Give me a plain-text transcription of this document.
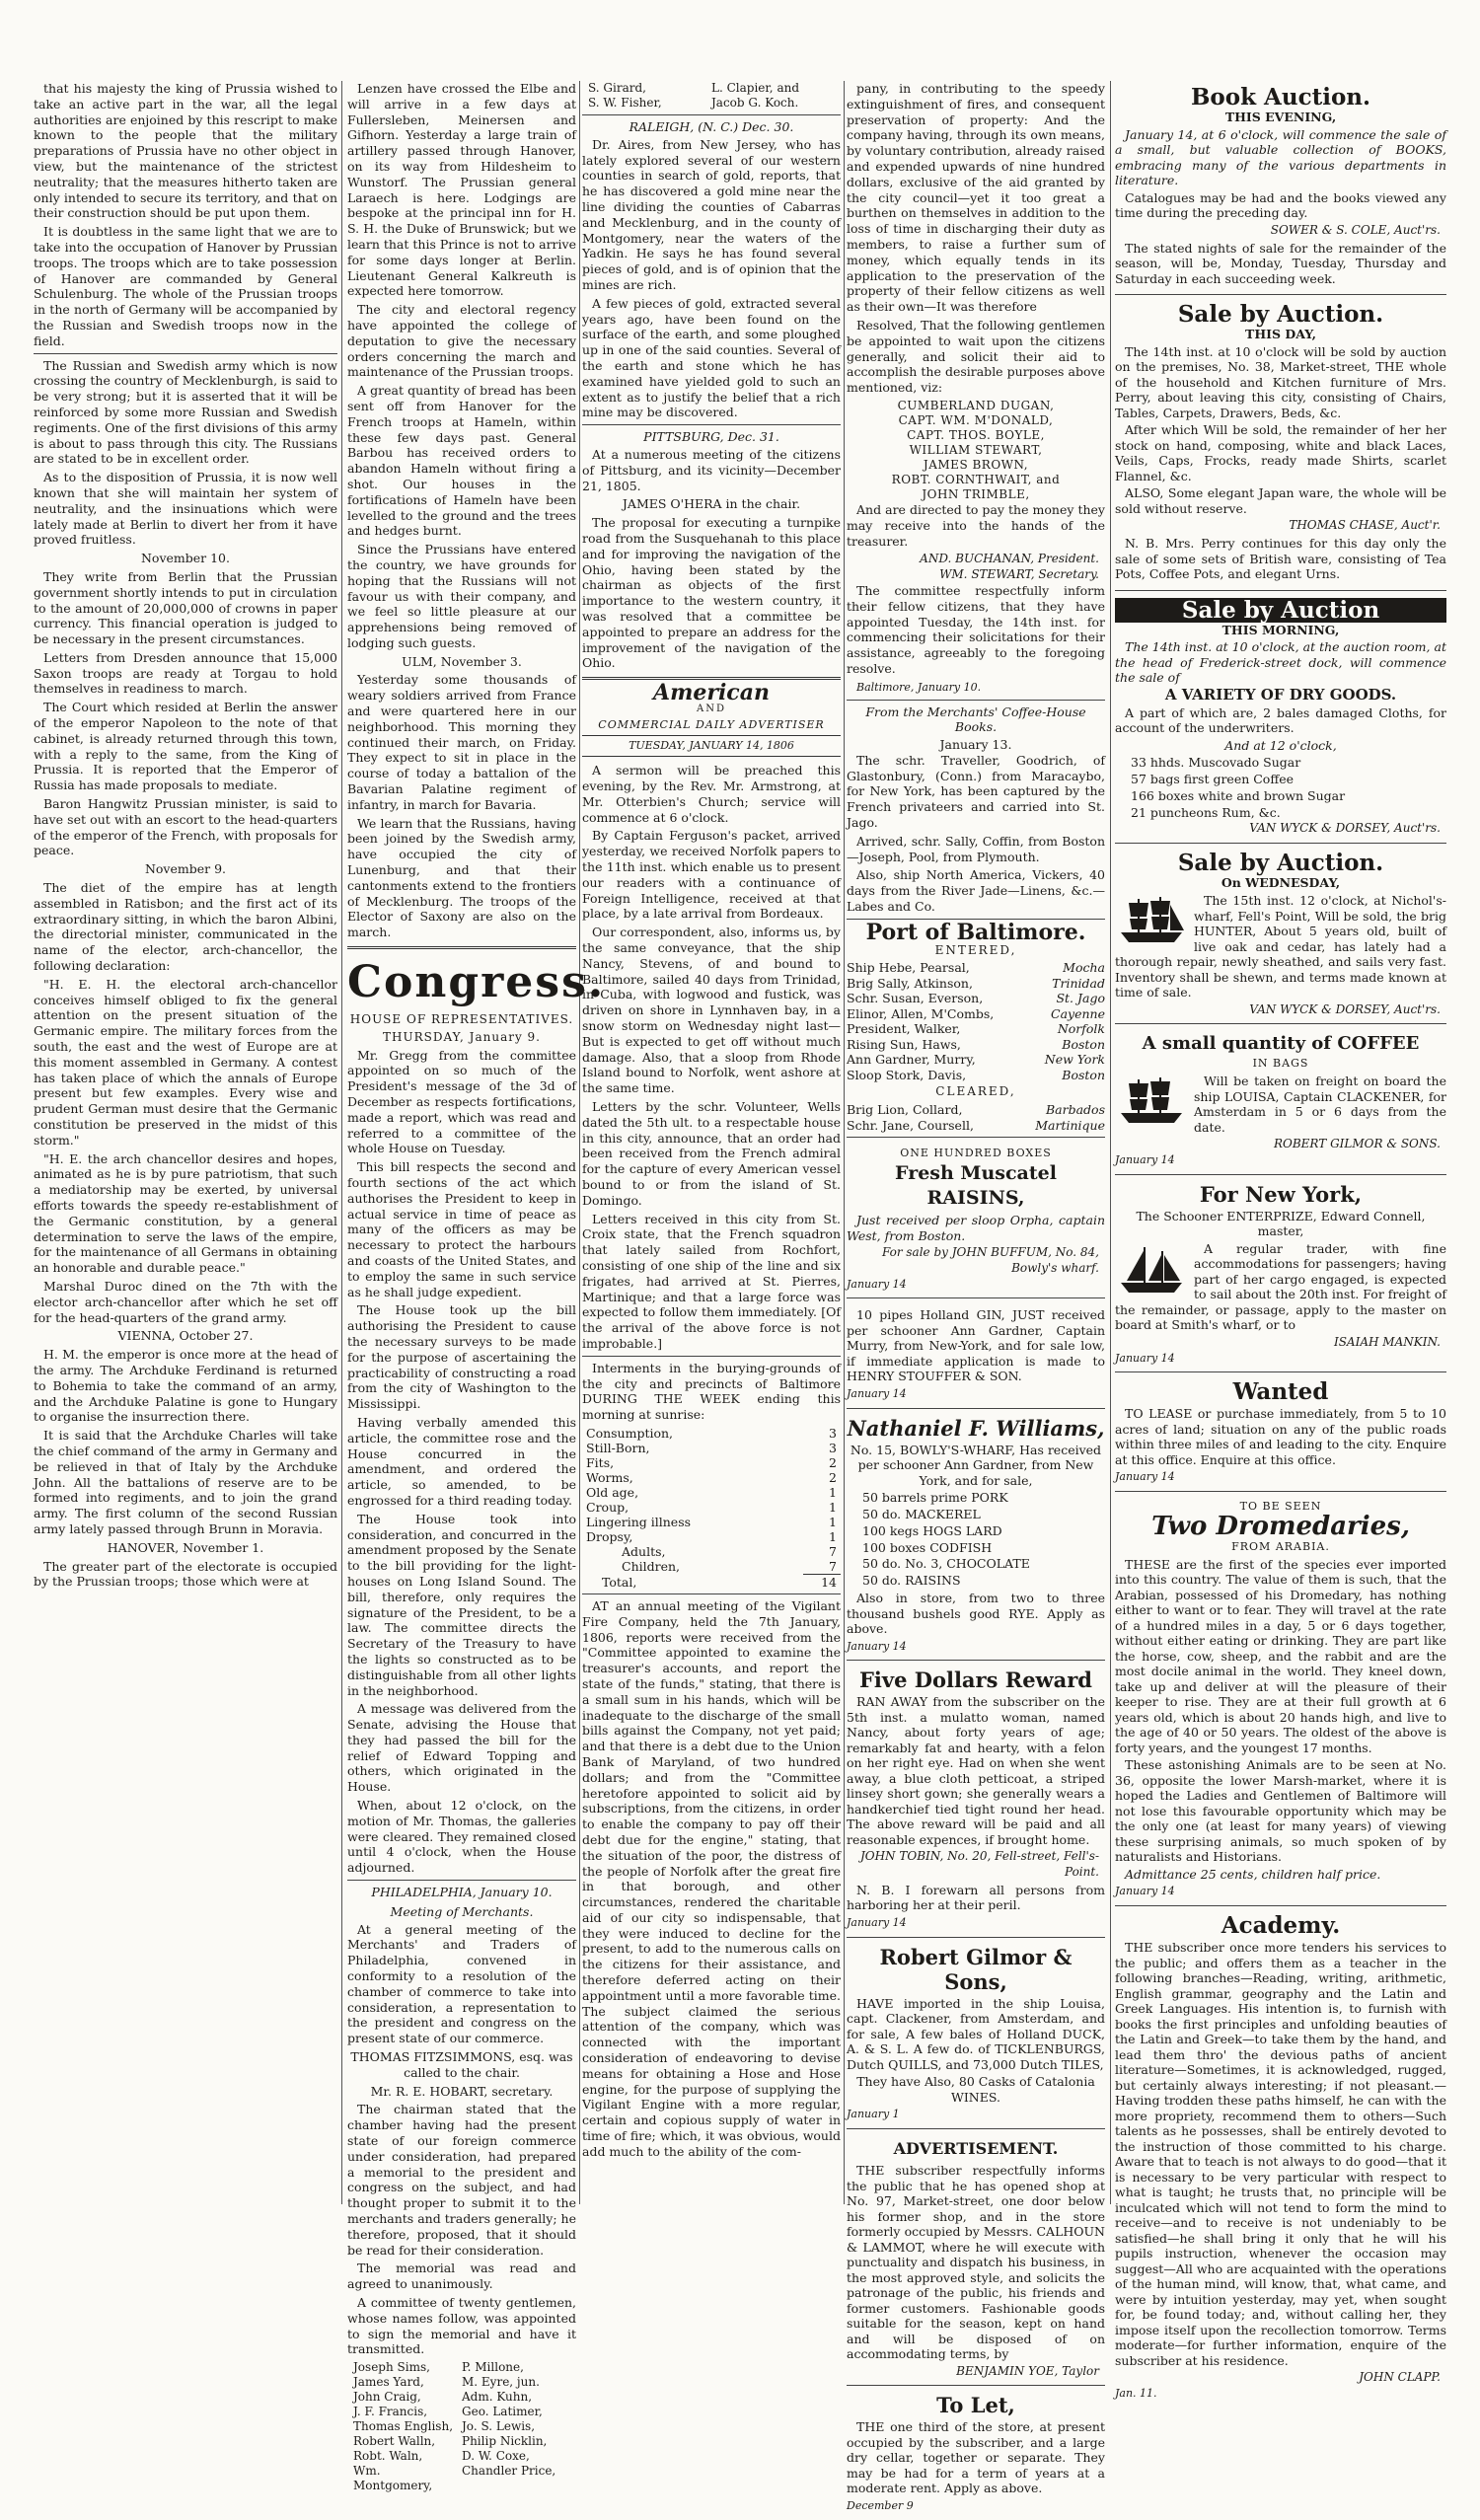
that his majesty the king of Prussia wished to take an active part in the war, all the legal authorities are enjoined by this rescript to make known to the people that the military preparations of Prussia have no other object in view, but the maintenance of the strictest neutrality; that the measures hitherto taken are only intended to secure its territory, and that on their construction should be put upon them.

It is doubtless in the same light that we are to take into the occupation of Hanover by Prussian troops. The troops which are to take possession of Hanover are commanded by General Schulenburg. The whole of the Prussian troops in the north of Germany will be accompanied by the Russian and Swedish troops now in the field.

The Russian and Swedish army which is now crossing the country of Mecklenburgh, is said to be very strong; but it is asserted that it will be reinforced by some more Russian and Swedish regiments. One of the first divisions of this army is about to pass through this city. The Russians are stated to be in excellent order.

As to the disposition of Prussia, it is now well known that she will maintain her system of neutrality, and the insinuations which were lately made at Berlin to divert her from it have proved fruitless.

November 10.

They write from Berlin that the Prussian government shortly intends to put in circulation to the amount of 20,000,000 of crowns in paper currency. This financial operation is judged to be necessary in the present circumstances.

Letters from Dresden announce that 15,000 Saxon troops are ready at Torgau to hold themselves in readiness to march.

The Court which resided at Berlin the answer of the emperor Napoleon to the note of that cabinet, is already returned through this town, with a reply to the same, from the King of Prussia. It is reported that the Emperor of Russia has made proposals to mediate.

Baron Hangwitz Prussian minister, is said to have set out with an escort to the head-quarters of the emperor of the French, with proposals for peace.

November 9.

The diet of the empire has at length assembled in Ratisbon; and the first act of its extraordinary sitting, in which the baron Albini, the directorial minister, communicated in the name of the elector, arch-chancellor, the following declaration:

"H. E. H. the electoral arch-chancellor conceives himself obliged to fix the general attention on the present situation of the Germanic empire. The military forces from the south, the east and the west of Europe are at this moment assembled in Germany. A contest has taken place of which the annals of Europe present but few examples. Every wise and prudent German must desire that the Germanic constitution be preserved in the midst of this storm."

"H. E. the arch chancellor desires and hopes, animated as he is by pure patriotism, that such a mediatorship may be exerted, by universal efforts towards the speedy re-establishment of the Germanic constitution, by a general determination to serve the laws of the empire, for the maintenance of all Germans in obtaining an honorable and durable peace."

Marshal Duroc dined on the 7th with the elector arch-chancellor after which he set off for the head-quarters of the grand army.

VIENNA, October 27.

H. M. the emperor is once more at the head of the army. The Archduke Ferdinand is returned to Bohemia to take the command of an army, and the Archduke Palatine is gone to Hungary to organise the insurrection there.

It is said that the Archduke Charles will take the chief command of the army in Germany and be relieved in that of Italy by the Archduke John. All the battalions of reserve are to be formed into regiments, and to join the grand army. The first column of the second Russian army lately passed through Brunn in Moravia.

HANOVER, November 1.

The greater part of the electorate is occupied by the Prussian troops; those which were at

Lenzen have crossed the Elbe and will arrive in a few days at Fullersleben, Meinersen and Gifhorn. Yesterday a large train of artillery passed through Hanover, on its way from Hildesheim to Wunstorf. The Prussian general Laraech is here. Lodgings are bespoke at the principal inn for H. S. H. the Duke of Brunswick; but we learn that this Prince is not to arrive for some days longer at Berlin. Lieutenant General Kalkreuth is expected here tomorrow.

The city and electoral regency have appointed the college of deputation to give the necessary orders concerning the march and maintenance of the Prussian troops.

A great quantity of bread has been sent off from Hanover for the French troops at Hameln, within these few days past. General Barbou has received orders to abandon Hameln without firing a shot. Our houses in the fortifications of Hameln have been levelled to the ground and the trees and hedges burnt.

Since the Prussians have entered the country, we have grounds for hoping that the Russians will not favour us with their company, and we feel so little pleasure at our apprehensions being removed of lodging such guests.

ULM, November 3.

Yesterday some thousands of weary soldiers arrived from France and were quartered here in our neighborhood. This morning they continued their march, on Friday. They expect to sit in place in the course of today a battalion of the Bavarian Palatine regiment of infantry, in march for Bavaria.

We learn that the Russians, having been joined by the Swedish army, have occupied the city of Lunenburg, and that their cantonments extend to the frontiers of Mecklenburg. The troops of the Elector of Saxony are also on the march.

Congress.
HOUSE OF REPRESENTATIVES.
THURSDAY, January 9.

Mr. Gregg from the committee appointed on so much of the President's message of the 3d of December as respects fortifications, made a report, which was read and referred to a committee of the whole House on Tuesday.

This bill respects the second and fourth sections of the act which authorises the President to keep in actual service in time of peace as many of the officers as may be necessary to protect the harbours and coasts of the United States, and to employ the same in such service as he shall judge expedient.

The House took up the bill authorising the President to cause the necessary surveys to be made for the purpose of ascertaining the practicability of constructing a road from the city of Washington to the Mississippi.

Having verbally amended this article, the committee rose and the House concurred in the amendment, and ordered the article, so amended, to be engrossed for a third reading today.

The House took into consideration, and concurred in the amendment proposed by the Senate to the bill providing for the light-houses on Long Island Sound. The bill, therefore, only requires the signature of the President, to be a law. The committee directs the Secretary of the Treasury to have the lights so constructed as to be distinguishable from all other lights in the neighborhood.

A message was delivered from the Senate, advising the House that they had passed the bill for the relief of Edward Topping and others, which originated in the House.

When, about 12 o'clock, on the motion of Mr. Thomas, the galleries were cleared. They remained closed until 4 o'clock, when the House adjourned.

PHILADELPHIA, January 10.
Meeting of Merchants.

At a general meeting of the Merchants' and Traders of Philadelphia, convened in conformity to a resolution of the chamber of commerce to take into consideration, a representation to the president and congress on the present state of our commerce.

THOMAS FITZSIMMONS, esq. was called to the chair.

Mr. R. E. HOBART, secretary.

The chairman stated that the chamber having had the present state of our foreign commerce under consideration, had prepared a memorial to the president and congress on the subject, and had thought proper to submit it to the merchants and traders generally; he therefore, proposed, that it should be read for their consideration.

The memorial was read and agreed to unanimously.

A committee of twenty gentlemen, whose names follow, was appointed to sign the memorial and have it transmitted.

Joseph Sims,	P. Millone,
James Yard,	M. Eyre, jun.
John Craig,	Adm. Kuhn,
J. F. Francis,	Geo. Latimer,
Thomas English, Jo. S. Lewis,
Robert Walln,	Philip Nicklin,
Robt. Waln,	D. W. Coxe,
Wm. Montgomery,
Chandler Price,
S. Girard,	L. Clapier, and
S. W. Fisher,	Jacob G. Koch.
RALEIGH, (N. C.) Dec. 30.

Dr. Aires, from New Jersey, who has lately explored several of our western counties in search of gold, reports, that he has discovered a gold mine near the line dividing the counties of Cabarras and Mecklenburg, and in the county of Montgomery, near the waters of the Yadkin. He says he has found several pieces of gold, and is of opinion that the mines are rich.

A few pieces of gold, extracted several years ago, have been found on the surface of the earth, and some ploughed up in one of the said counties. Several of the earth and stone which he has examined have yielded gold to such an extent as to justify the belief that a rich mine may be discovered.

PITTSBURG, Dec. 31.

At a numerous meeting of the citizens of Pittsburg, and its vicinity—December 21, 1805.

JAMES O'HERA in the chair.

The proposal for executing a turnpike road from the Susquehanah to this place and for improving the navigation of the Ohio, having been stated by the chairman as objects of the first importance to the western country, it was resolved that a committee be appointed to prepare an address for the improvement of the navigation of the Ohio.

American
AND
COMMERCIAL DAILY ADVERTISER
TUESDAY, JANUARY 14, 1806

A sermon will be preached this evening, by the Rev. Mr. Armstrong, at Mr. Otterbien's Church; service will commence at 6 o'clock.

By Captain Ferguson's packet, arrived yesterday, we received Norfolk papers to the 11th inst. which enable us to present our readers with a continuance of Foreign Intelligence, received at that place, by a late arrival from Bordeaux.

Our correspondent, also, informs us, by the same conveyance, that the ship Nancy, Stevens, of and bound to Baltimore, sailed 40 days from Trinidad, in Cuba, with logwood and fustick, was driven on shore in Lynnhaven bay, in a snow storm on Wednesday night last—But is expected to get off without much damage. Also, that a sloop from Rhode Island bound to Norfolk, went ashore at the same time.

Letters by the schr. Volunteer, Wells dated the 5th ult. to a respectable house in this city, announce, that an order had been received from the French admiral for the capture of every American vessel bound to or from the island of St. Domingo.

Letters received in this city from St. Croix state, that the French squadron that lately sailed from Rochfort, consisting of one ship of the line and six frigates, had arrived at St. Pierres, Martinique; and that a large force was expected to follow them immediately. [Of the arrival of the above force is not improbable.]

Interments in the burying-grounds of the city and precincts of Baltimore DURING THE WEEK ending this morning at sunrise:

Consumption,	3
Still-Born,	3
Fits,	2
Worms,	2
Old age,	1
Croup,	1
Lingering illness	1
Dropsy,	1
Adults,	7
Children,	7
Total,	14

AT an annual meeting of the Vigilant Fire Company, held the 7th January, 1806, reports were received from the "Committee appointed to examine the treasurer's accounts, and report the state of the funds," stating, that there is a small sum in his hands, which will be inadequate to the discharge of the small bills against the Company, not yet paid; and that there is a debt due to the Union Bank of Maryland, of two hundred dollars; and from the "Committee heretofore appointed to solicit aid by subscriptions, from the citizens, in order to enable the company to pay off their debt due for the engine," stating, that the situation of the poor, the distress of the people of Norfolk after the great fire in that borough, and other circumstances, rendered the charitable aid of our city so indispensable, that they were induced to decline for the present, to add to the numerous calls on the citizens for their assistance, and therefore deferred acting on their appointment until a more favorable time. The subject claimed the serious attention of the company, which was connected with the important consideration of endeavoring to devise means for obtaining a Hose and Hose engine, for the purpose of supplying the Vigilant Engine with a more regular, certain and copious supply of water in time of fire; which, it was obvious, would add much to the ability of the com-

pany, in contributing to the speedy extinguishment of fires, and consequent preservation of property: And the company having, through its own means, by voluntary contribution, already raised and expended upwards of nine hundred dollars, exclusive of the aid granted by the city council—yet it too great a burthen on themselves in addition to the loss of time in discharging their duty as members, to raise a further sum of money, which equally tends in its application to the preservation of the property of their fellow citizens as well as their own—It was therefore

Resolved, That the following gentlemen be appointed to wait upon the citizens generally, and solicit their aid to accomplish the desirable purposes above mentioned, viz:

CUMBERLAND DUGAN,
CAPT. WM. M'DONALD,
CAPT. THOS. BOYLE,
WILLIAM STEWART,
JAMES BROWN,
ROBT. CORNTHWAIT, and
JOHN TRIMBLE,

And are directed to pay the money they may receive into the hands of the treasurer.

AND. BUCHANAN, President.
WM. STEWART, Secretary.

The committee respectfully inform their fellow citizens, that they have appointed Tuesday, the 14th inst. for commencing their solicitations for their assistance, agreeably to the foregoing resolve.

Baltimore, January 10.

From the Merchants' Coffee-House Books.
January 13.

The schr. Traveller, Goodrich, of Glastonbury, (Conn.) from Maracaybo, for New York, has been captured by the French privateers and carried into St. Jago.

Arrived, schr. Sally, Coffin, from Boston—Joseph, Pool, from Plymouth.

Also, ship North America, Vickers, 40 days from the River Jade—Linens, &c.—Labes and Co.

Port of Baltimore.
ENTERED,
Ship Hebe, Pearsal,	Mocha
Brig Sally, Atkinson,	Trinidad
Schr. Susan, Everson,	St. Jago
Elinor, Allen, M'Combs,	Cayenne
President, Walker,	Norfolk
Rising Sun, Haws,	Boston
Ann Gardner, Murry,	New York
Sloop Stork, Davis,	Boston
CLEARED,
Brig Lion, Collard,	Barbados
Schr. Jane, Coursell,	Martinique
ONE HUNDRED BOXES
Fresh Muscatel RAISINS,
Just received per sloop Orpha, captain West, from Boston.
For sale by JOHN BUFFUM, No. 84, Bowly's wharf.
January 14
10 pipes Holland GIN, JUST received per schooner Ann Gardner, Captain Murry, from New-York, and for sale low, if immediate application is made to HENRY STOUFFER & SON.
January 14
Nathaniel F. Williams,
No. 15, BOWLY'S-WHARF, Has received per schooner Ann Gardner, from New York, and for sale,
50 barrels prime PORK
50 do. MACKEREL
100 kegs HOGS LARD
100 boxes CODFISH
50 do. No. 3, CHOCOLATE
50 do. RAISINS
Also in store, from two to three thousand bushels good RYE. Apply as above.
January 14
Five Dollars Reward
RAN AWAY from the subscriber on the 5th inst. a mulatto woman, named Nancy, about forty years of age; remarkably fat and hearty, with a felon on her right eye. Had on when she went away, a blue cloth petticoat, a striped linsey short gown; she generally wears a handkerchief tied tight round her head. The above reward will be paid and all reasonable expences, if brought home.
JOHN TOBIN, No. 20, Fell-street, Fell's-Point.
N. B. I forewarn all persons from harboring her at their peril.
January 14
Robert Gilmor & Sons,
HAVE imported in the ship Louisa, capt. Clackener, from Amsterdam, and for sale, A few bales of Holland DUCK, A. & S. L. A few do. of TICKLENBURGS, Dutch QUILLS, and 73,000 Dutch TILES,
They have Also, 80 Casks of Catalonia WINES.
January 1
ADVERTISEMENT.
THE subscriber respectfully informs the public that he has opened shop at No. 97, Market-street, one door below his former shop, and in the store formerly occupied by Messrs. CALHOUN & LAMMOT, where he will execute with punctuality and dispatch his business, in the most approved style, and solicits the patronage of the public, his friends and former customers. Fashionable goods suitable for the season, kept on hand and will be disposed of on accommodating terms, by
BENJAMIN YOE, Taylor
To Let,
THE one third of the store, at present occupied by the subscriber, and a large dry cellar, together or separate. They may be had for a term of years at a moderate rent. Apply as above.
December 9
Book Auction.
THIS EVENING,
January 14, at 6 o'clock, will commence the sale of a small, but valuable collection of BOOKS, embracing many of the various departments in literature.
Catalogues may be had and the books viewed any time during the preceding day.
SOWER & S. COLE, Auct'rs.
The stated nights of sale for the remainder of the season, will be, Monday, Tuesday, Thursday and Saturday in each succeeding week.
Sale by Auction.
THIS DAY,
The 14th inst. at 10 o'clock will be sold by auction on the premises, No. 38, Market-street, THE whole of the household and Kitchen furniture of Mrs. Perry, about leaving this city, consisting of Chairs, Tables, Carpets, Drawers, Beds, &c.
After which Will be sold, the remainder of her her stock on hand, composing, white and black Laces, Veils, Caps, Frocks, ready made Shirts, scarlet Flannel, &c.
ALSO, Some elegant Japan ware, the whole will be sold without reserve.
THOMAS CHASE, Auct'r.
N. B. Mrs. Perry continues for this day only the sale of some sets of British ware, consisting of Tea Pots, Coffee Pots, and elegant Urns.
Sale by Auction
THIS MORNING,
The 14th inst. at 10 o'clock, at the auction room, at the head of Frederick-street dock, will commence the sale of
A VARIETY OF DRY GOODS.
A part of which are, 2 bales damaged Cloths, for account of the underwriters.
And at 12 o'clock,
33 hhds. Muscovado Sugar
57 bags first green Coffee
166 boxes white and brown Sugar
21 puncheons Rum, &c.
VAN WYCK & DORSEY, Auct'rs.
Sale by Auction.
On WEDNESDAY,
The 15th inst. 12 o'clock, at Nichol's-wharf, Fell's Point, Will be sold, the brig HUNTER, About 5 years old, built of live oak and cedar, has lately had a thorough repair, newly sheathed, and sails very fast. Inventory shall be shewn, and terms made known at time of sale.
VAN WYCK & DORSEY, Auct'rs.
A small quantity of COFFEE
IN BAGS
Will be taken on freight on board the ship LOUISA, Captain CLACKENER, for Amsterdam in 5 or 6 days from the date.
ROBERT GILMOR & SONS.
January 14
For New York,
The Schooner ENTERPRIZE, Edward Connell, master,
A regular trader, with fine accommodations for passengers; having part of her cargo engaged, is expected to sail about the 20th inst. For freight of the remainder, or passage, apply to the master on board at Smith's wharf, or to
ISAIAH MANKIN.
January 14
Wanted
TO LEASE or purchase immediately, from 5 to 10 acres of land; situation on any of the public roads within three miles of and leading to the city. Enquire at this office. Enquire at this office.
January 14
TO BE SEEN
Two Dromedaries,
FROM ARABIA.
THESE are the first of the species ever imported into this country. The value of them is such, that the Arabian, possessed of his Dromedary, has nothing either to want or to fear. They will travel at the rate of a hundred miles in a day, 5 or 6 days together, without either eating or drinking. They are part like the horse, cow, sheep, and the rabbit and are the most docile animal in the world. They kneel down, take up and deliver at will the pleasure of their keeper to rise. They are at their full growth at 6 years old, which is about 20 hands high, and live to the age of 40 or 50 years. The oldest of the above is forty years, and the youngest 17 months.
These astonishing Animals are to be seen at No. 36, opposite the lower Marsh-market, where it is hoped the Ladies and Gentlemen of Baltimore will not lose this favourable opportunity which may be the only one (at least for many years) of viewing these surprising animals, so much spoken of by naturalists and Historians.
Admittance 25 cents, children half price.
January 14
Academy.
THE subscriber once more tenders his services to the public; and offers them as a teacher in the following branches—Reading, writing, arithmetic, English grammar, geography and the Latin and Greek Languages. His intention is, to furnish with books the first principles and unfolding beauties of the Latin and Greek—to take them by the hand, and lead them thro' the devious paths of ancient literature—Sometimes, it is acknowledged, rugged, but certainly always interesting; if not pleasant.—Having trodden these paths himself, he can with the more propriety, recommend them to others—Such talents as he possesses, shall be entirely devoted to the instruction of those committed to his charge. Aware that to teach is not always to do good—that it is necessary to be very particular with respect to what is taught; he trusts that, no principle will be inculcated which will not tend to form the mind to receive—and to receive is not undeniably to be satisfied—he shall bring it only that he will his pupils instruction, whenever the occasion may suggest—All who are acquainted with the operations of the human mind, will know, that, what came, and were by intuition yesterday, may yet, when sought for, be found today; and, without calling her, they impose itself upon the recollection tomorrow. Terms moderate—for further information, enquire of the subscriber at his residence.
JOHN CLAPP.
Jan. 11.
